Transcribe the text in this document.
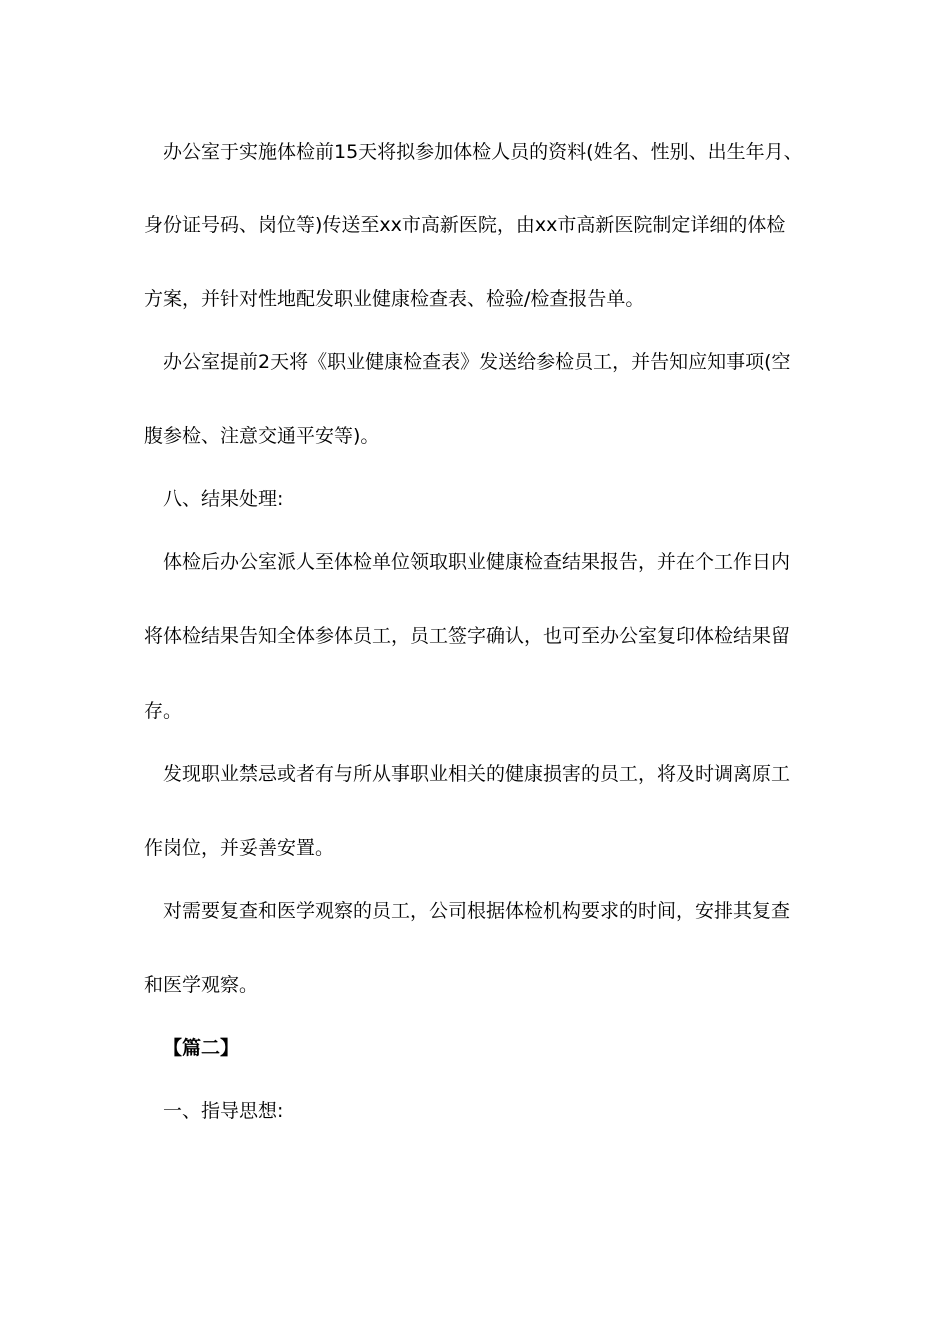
办公室于实施体检前15天将拟参加体检人员的资料(姓名、性别、出生年月、
身份证号码、岗位等)传送至xx市高新医院，由xx市高新医院制定详细的体检
方案，并针对性地配发职业健康检查表、检验/检查报告单。
办公室提前2天将《职业健康检查表》发送给参检员工，并告知应知事项(空
腹参检、注意交通平安等)。
八、结果处理:
体检后办公室派人至体检单位领取职业健康检查结果报告，并在个工作日内
将体检结果告知全体参体员工，员工签字确认，也可至办公室复印体检结果留
存。
发现职业禁忌或者有与所从事职业相关的健康损害的员工，将及时调离原工
作岗位，并妥善安置。
对需要复查和医学观察的员工，公司根据体检机构要求的时间，安排其复查
和医学观察。
【篇二】
一、指导思想:
